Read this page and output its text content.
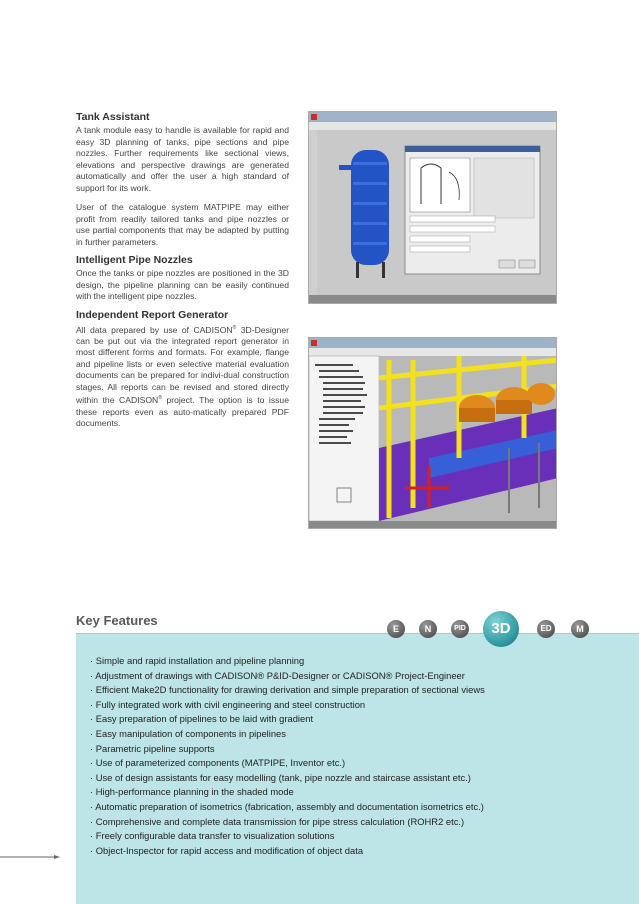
Tank Assistant

A tank module easy to handle is available for rapid and easy 3D planning of tanks, pipe sections and pipe nozzles. Further requirements like sectional views, elevations and perspective drawings are generated automatically and offer the user a high standard of support for its work.

User of the catalogue system MATPIPE may either profit from readily tailored tanks and pipe nozzles or use partial components that may be adapted by putting in further parameters.

Intelligent Pipe Nozzles

Once the tanks or pipe nozzles are positioned in the 3D design, the pipeline planning can be easily continued with the intelligent pipe nozzles.

Independent Report Generator

All data prepared by use of CADISON® 3D-Designer can be put out via the integrated report generator in most different forms and formats. For example, flange and pipeline lists or even selective material evaluation documents can be prepared for indivi-dual construction stages. All reports can be revised and stored directly within the CADISON® project. The option is to issue these reports even as auto-matically prepared PDF documents.

Key Features
E	N	PID	3D	ED	M
· Simple and rapid installation and pipeline planning
· Adjustment of drawings with CADISON® P&ID-Designer or CADISON® Project-Engineer
· Efficient Make2D functionality for drawing derivation and simple preparation of sectional views
· Fully integrated work with civil engineering and steel construction
· Easy preparation of pipelines to be laid with gradient
· Easy manipulation of components in pipelines
· Parametric pipeline supports
· Use of parameterized components (MATPIPE, Inventor etc.)
· Use of design assistants for easy modelling (tank, pipe nozzle and staircase assistant etc.)
· High-performance planning in the shaded mode
· Automatic preparation of isometrics (fabrication, assembly and documentation isometrics etc.)
· Comprehensive and complete data transmission for pipe stress calculation (ROHR2 etc.)
· Freely configurable data transfer to visualization solutions
· Object-Inspector for rapid access and modification of object data
